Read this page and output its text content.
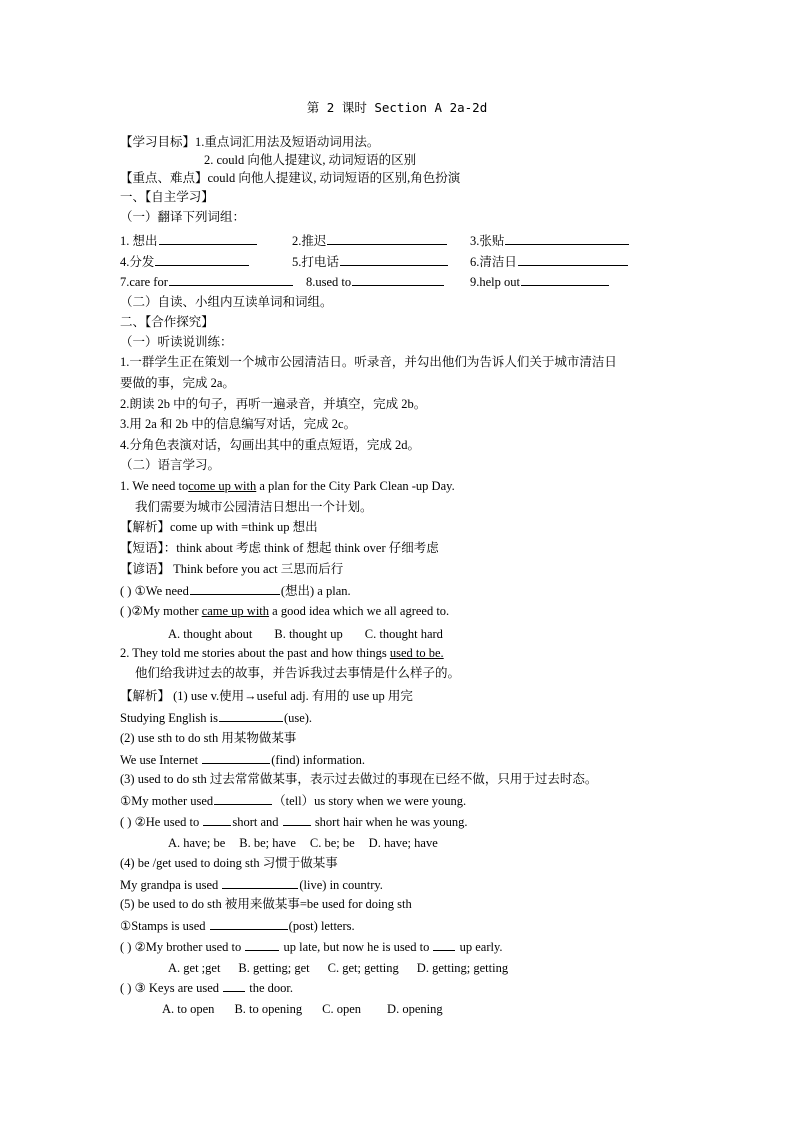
第 2 课时 Section A 2a-2d
【学习目标】1.重点词汇用法及短语动词用法。
2. could 向他人提建议, 动词短语的区别
【重点、难点】could 向他人提建议, 动词短语的区别,角色扮演
一、【自主学习】
（一）翻译下列词组：
1. 想出	2.推迟	3.张贴
4.分发	5.打电话	6.清洁日
7.care for	8.used to	9.help out
（二）自读、小组内互读单词和词组。
二、【合作探究】
（一）听读说训练：
1.一群学生正在策划一个城市公园清洁日。听录音，并勾出他们为告诉人们关于城市清洁日
要做的事，完成 2a。
2.朗读 2b 中的句子，再听一遍录音，并填空，完成 2b。
3.用 2a 和 2b 中的信息编写对话，完成 2c。
4.分角色表演对话，勾画出其中的重点短语，完成 2d。
（二）语言学习。
1. We need tocome up with a plan for the City Park Clean -up Day.
我们需要为城市公园清洁日想出一个计划。
【解析】come up with =think up 想出
【短语】：think about 考虑 think of 想起 think over 仔细考虑
【谚语】 Think before you act 三思而后行
( ) ①We need	(想出) a plan.
( )②My mother came up with a good idea which we all agreed to.
A. thought about B. thought up C. thought hard
2. They told me stories about the past and how things used to be.
他们给我讲过去的故事，并告诉我过去事情是什么样子的。
【解析】 (1) use v.使用→useful adj. 有用的 use up 用完
Studying English is	(use).
(2) use sth to do sth 用某物做某事
We use Internet	(find) information.
(3) used to do sth 过去常常做某事，表示过去做过的事现在已经不做，只用于过去时态。
①My mother used	（tell）us story when we were young.
( ) ②He used to	short and	short hair when he was young.
A. have; be B. be; have C. be; be D. have; have
(4) be /get used to doing sth 习惯于做某事
My grandpa is used	(live) in country.
(5) be used to do sth 被用来做某事=be used for doing sth
①Stamps is used	(post) letters.
( ) ②My brother used to	up late, but now he is used to up early.
A. get ;get B. getting; get C. get; getting D. getting; getting
( ) ③ Keys are used the door.
A. to open B. to opening C. open D. opening
